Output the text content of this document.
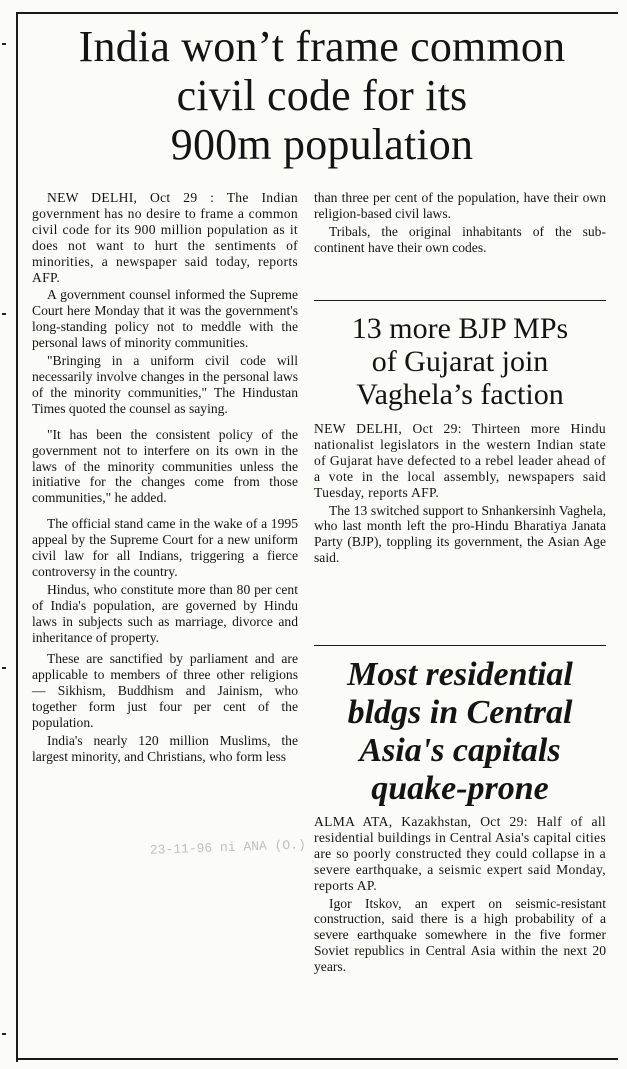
India won’t frame common
civil code for its
900m population

NEW DELHI, Oct 29 : The Indian government has no desire to frame a common civil code for its 900 million population as it does not want to hurt the sentiments of minorities, a newspaper said today, reports AFP.

A government counsel informed the Supreme Court here Monday that it was the government's long-standing policy not to meddle with the personal laws of minority communities.

"Bringing in a uniform civil code will necessarily involve changes in the personal laws of the minority communities," The Hindustan Times quoted the counsel as saying.

"It has been the consistent policy of the government not to interfere on its own in the laws of the minority communities unless the initiative for the changes come from those communities," he added.

The official stand came in the wake of a 1995 appeal by the Supreme Court for a new uniform civil law for all Indians, triggering a fierce controversy in the country.

Hindus, who constitute more than 80 per cent of India's population, are governed by Hindu laws in subjects such as marriage, divorce and inheritance of property.

These are sanctified by parliament and are applicable to members of three other religions — Sikhism, Buddhism and Jainism, who together form just four per cent of the population.

India's nearly 120 million Muslims, the largest minority, and Christians, who form less

than three per cent of the population, have their own religion-based civil laws.

Tribals, the original inhabitants of the sub-continent have their own codes.

13 more BJP MPs
of Gujarat join
Vaghela’s faction

NEW DELHI, Oct 29: Thirteen more Hindu nationalist legislators in the western Indian state of Gujarat have defected to a rebel leader ahead of a vote in the local assembly, newspapers said Tuesday, reports AFP.

The 13 switched support to Snhankersinh Vaghela, who last month left the pro-Hindu Bharatiya Janata Party (BJP), toppling its government, the Asian Age said.

Most residential
bldgs in Central
Asia's capitals
quake-prone

ALMA ATA, Kazakhstan, Oct 29: Half of all residential buildings in Central Asia's capital cities are so poorly constructed they could collapse in a severe earthquake, a seismic expert said Monday, reports AP.

Igor Itskov, an expert on seismic-resistant construction, said there is a high probability of a severe earthquake somewhere in the five former Soviet republics in Central Asia within the next 20 years.

23-11-96 ni ANA (O.)
